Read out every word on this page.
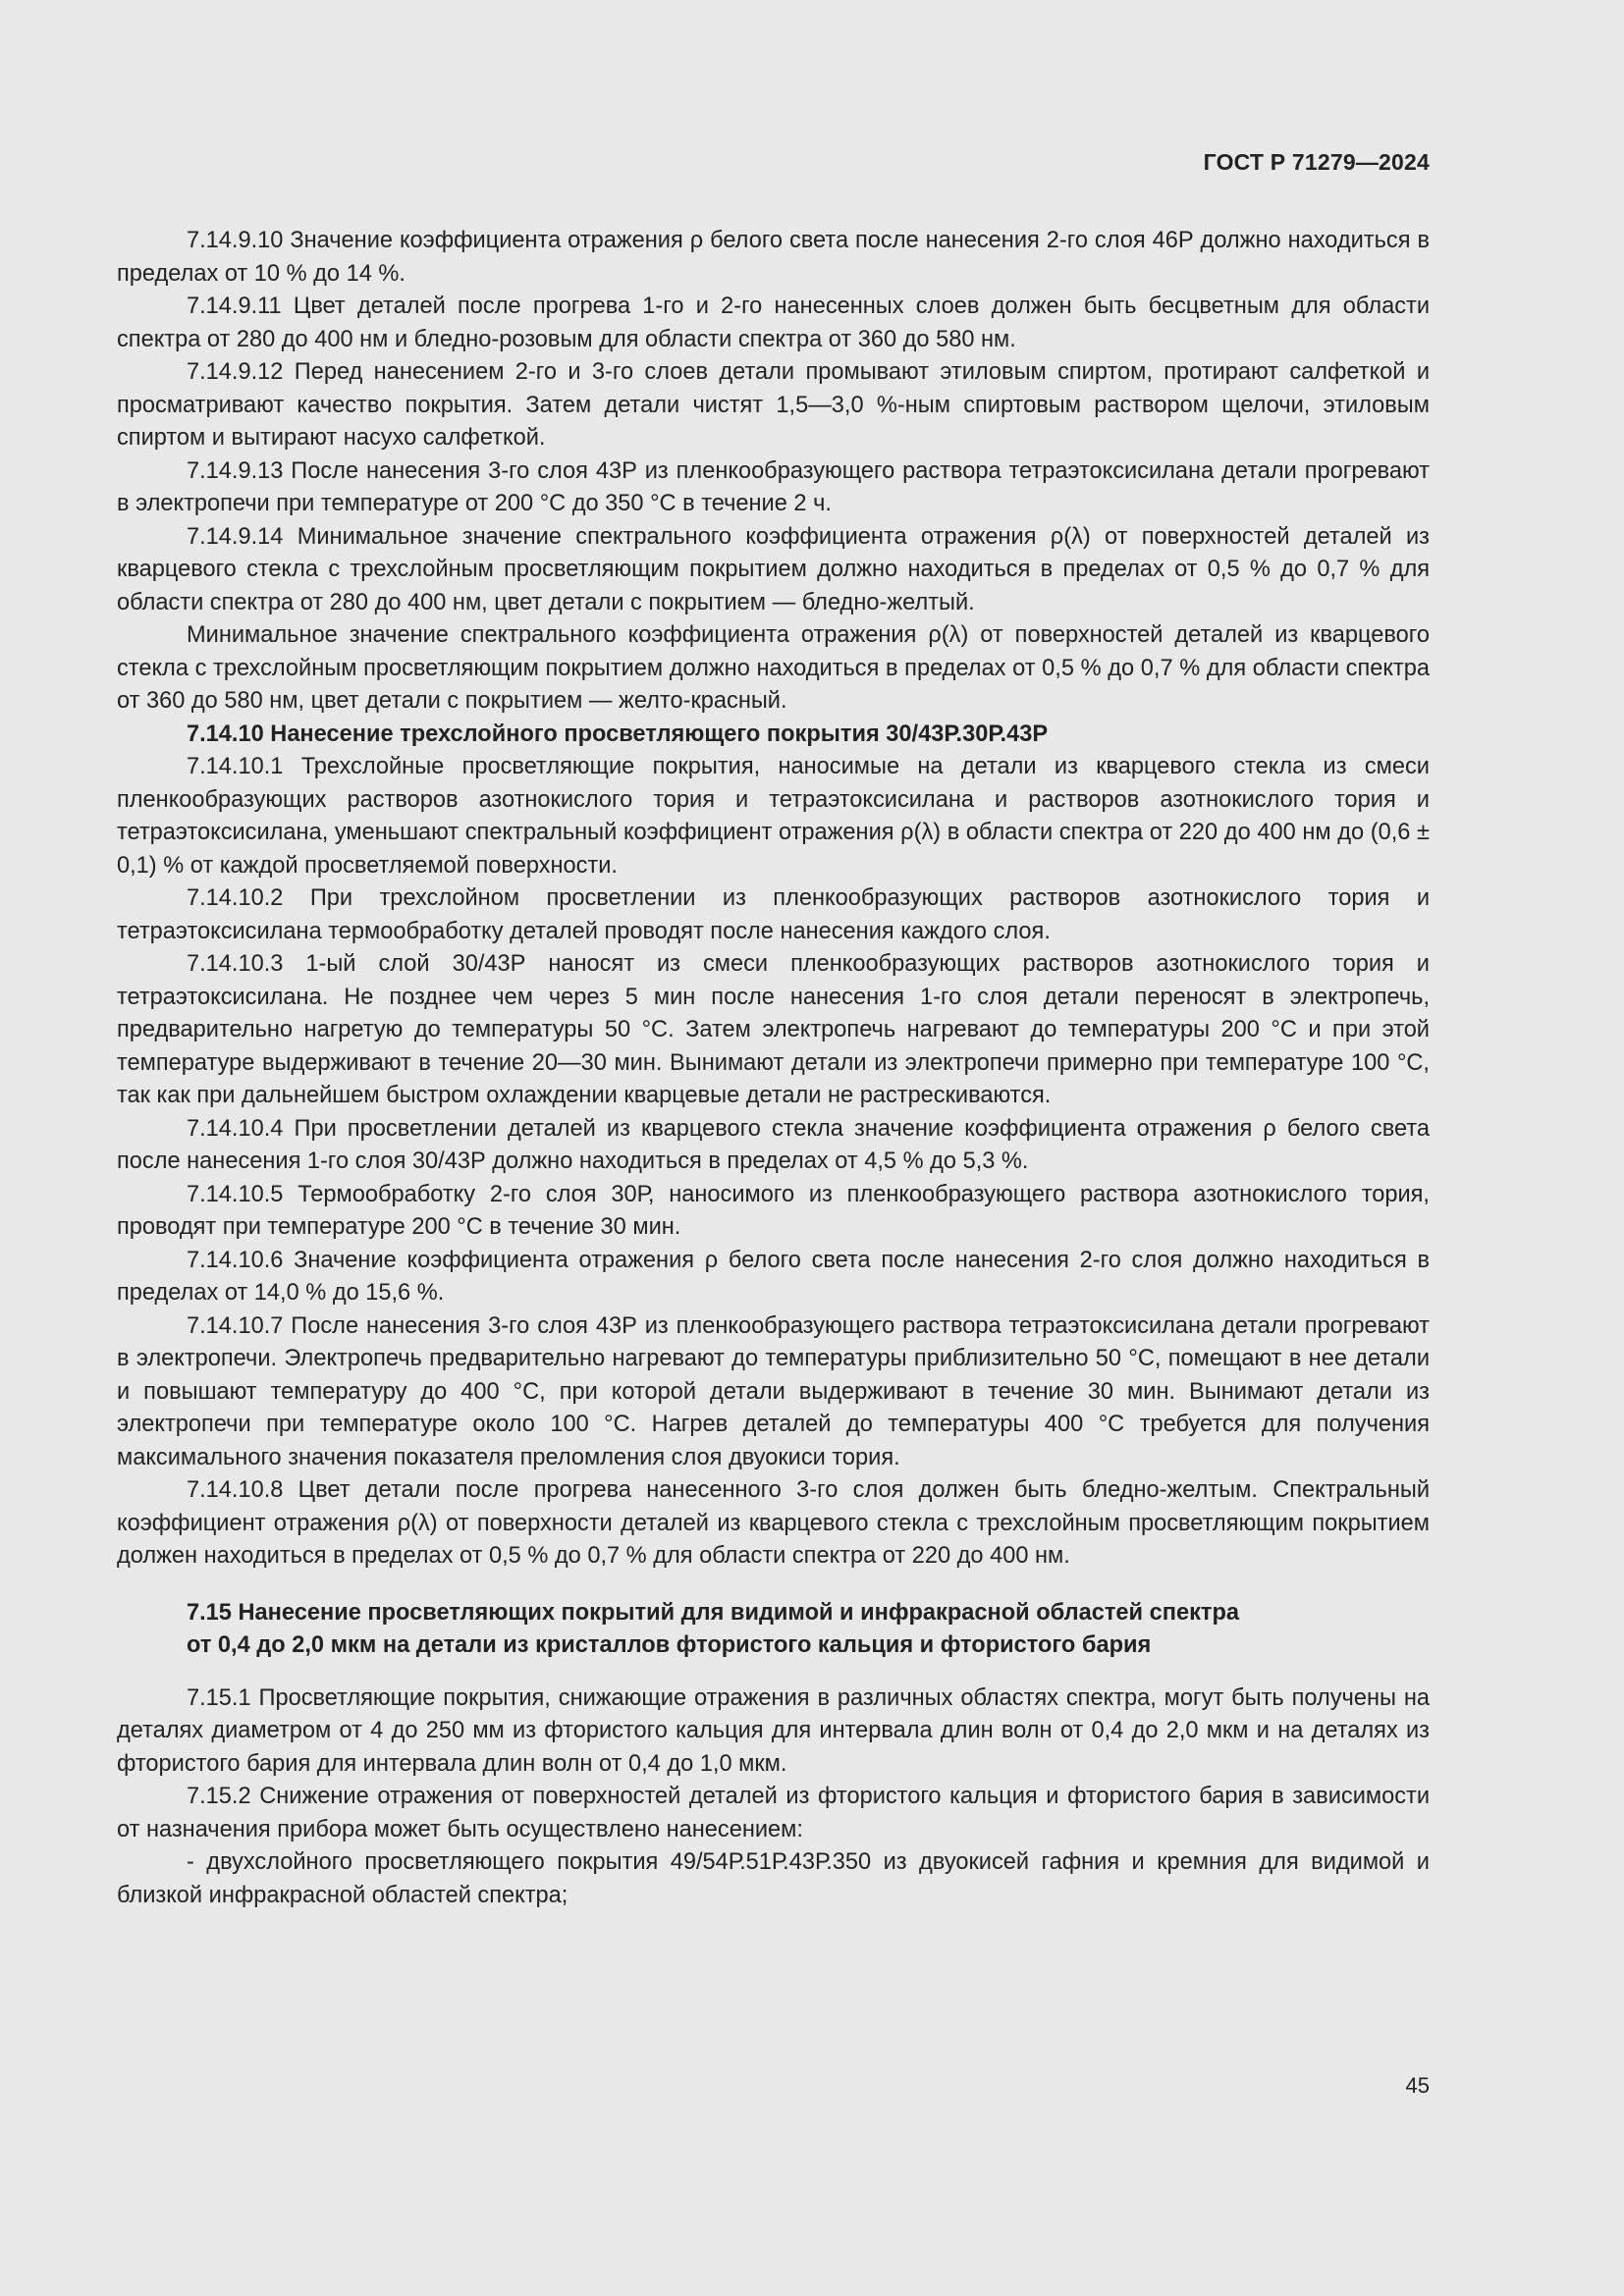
ГОСТ Р 71279—2024

7.14.9.10 Значение коэффициента отражения ρ белого света после нанесения 2-го слоя 46Р должно находиться в пределах от 10 % до 14 %.

7.14.9.11 Цвет деталей после прогрева 1-го и 2-го нанесенных слоев должен быть бесцветным для области спектра от 280 до 400 нм и бледно-розовым для области спектра от 360 до 580 нм.

7.14.9.12 Перед нанесением 2-го и 3-го слоев детали промывают этиловым спиртом, протирают салфеткой и просматривают качество покрытия. Затем детали чистят 1,5—3,0 %-ным спиртовым раствором щелочи, этиловым спиртом и вытирают насухо салфеткой.

7.14.9.13 После нанесения 3-го слоя 43Р из пленкообразующего раствора тетраэтоксисилана детали прогревают в электропечи при температуре от 200 °С до 350 °С в течение 2 ч.

7.14.9.14 Минимальное значение спектрального коэффициента отражения ρ(λ) от поверхностей деталей из кварцевого стекла с трехслойным просветляющим покрытием должно находиться в пределах от 0,5 % до 0,7 % для области спектра от 280 до 400 нм, цвет детали с покрытием — бледно-желтый.

Минимальное значение спектрального коэффициента отражения ρ(λ) от поверхностей деталей из кварцевого стекла с трехслойным просветляющим покрытием должно находиться в пределах от 0,5 % до 0,7 % для области спектра от 360 до 580 нм, цвет детали с покрытием — желто-красный.

7.14.10 Нанесение трехслойного просветляющего покрытия 30/43Р.30Р.43Р

7.14.10.1 Трехслойные просветляющие покрытия, наносимые на детали из кварцевого стекла из смеси пленкообразующих растворов азотнокислого тория и тетраэтоксисилана и растворов азотнокислого тория и тетраэтоксисилана, уменьшают спектральный коэффициент отражения ρ(λ) в области спектра от 220 до 400 нм до (0,6 ± 0,1) % от каждой просветляемой поверхности.

7.14.10.2 При трехслойном просветлении из пленкообразующих растворов азотнокислого тория и тетраэтоксисилана термообработку деталей проводят после нанесения каждого слоя.

7.14.10.3 1-ый слой 30/43Р наносят из смеси пленкообразующих растворов азотнокислого тория и тетраэтоксисилана. Не позднее чем через 5 мин после нанесения 1-го слоя детали переносят в электропечь, предварительно нагретую до температуры 50 °С. Затем электропечь нагревают до температуры 200 °С и при этой температуре выдерживают в течение 20—30 мин. Вынимают детали из электропечи примерно при температуре 100 °С, так как при дальнейшем быстром охлаждении кварцевые детали не растрескиваются.

7.14.10.4 При просветлении деталей из кварцевого стекла значение коэффициента отражения ρ белого света после нанесения 1-го слоя 30/43Р должно находиться в пределах от 4,5 % до 5,3 %.

7.14.10.5 Термообработку 2-го слоя 30Р, наносимого из пленкообразующего раствора азотнокислого тория, проводят при температуре 200 °С в течение 30 мин.

7.14.10.6 Значение коэффициента отражения ρ белого света после нанесения 2-го слоя должно находиться в пределах от 14,0 % до 15,6 %.

7.14.10.7 После нанесения 3-го слоя 43Р из пленкообразующего раствора тетраэтоксисилана детали прогревают в электропечи. Электропечь предварительно нагревают до температуры приблизительно 50 °С, помещают в нее детали и повышают температуру до 400 °С, при которой детали выдерживают в течение 30 мин. Вынимают детали из электропечи при температуре около 100 °С. Нагрев деталей до температуры 400 °С требуется для получения максимального значения показателя преломления слоя двуокиси тория.

7.14.10.8 Цвет детали после прогрева нанесенного 3-го слоя должен быть бледно-желтым. Спектральный коэффициент отражения ρ(λ) от поверхности деталей из кварцевого стекла с трехслойным просветляющим покрытием должен находиться в пределах от 0,5 % до 0,7 % для области спектра от 220 до 400 нм.

7.15 Нанесение просветляющих покрытий для видимой и инфракрасной областей спектра
от 0,4 до 2,0 мкм на детали из кристаллов фтористого кальция и фтористого бария

7.15.1 Просветляющие покрытия, снижающие отражения в различных областях спектра, могут быть получены на деталях диаметром от 4 до 250 мм из фтористого кальция для интервала длин волн от 0,4 до 2,0 мкм и на деталях из фтористого бария для интервала длин волн от 0,4 до 1,0 мкм.

7.15.2 Снижение отражения от поверхностей деталей из фтористого кальция и фтористого бария в зависимости от назначения прибора может быть осуществлено нанесением:

- двухслойного просветляющего покрытия 49/54Р.51Р.43Р.350 из двуокисей гафния и кремния для видимой и близкой инфракрасной областей спектра;

45
